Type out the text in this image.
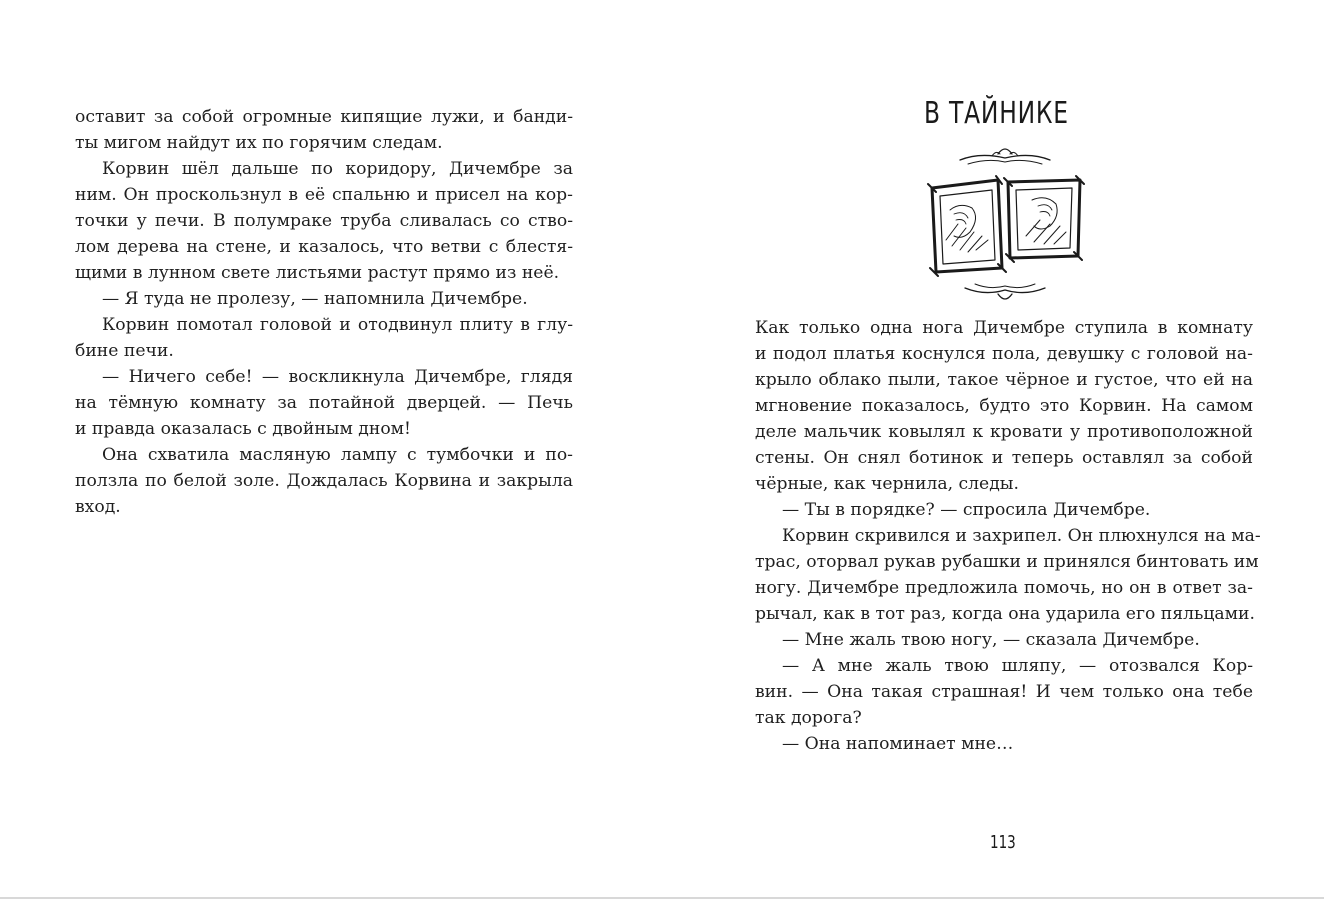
оставит за собой огромные кипящие лужи, и банди-
ты мигом найдут их по горячим следам.
Корвин шёл дальше по коридору, Дичембре за
ним. Он проскользнул в её спальню и присел на кор-
точки у печи. В полумраке труба сливалась со ство-
лом дерева на стене, и казалось, что ветви с блестя-
щими в лунном свете листьями растут прямо из неё.
— Я туда не пролезу, — напомнила Дичембре.
Корвин помотал головой и отодвинул плиту в глу-
бине печи.
— Ничего себе! — воскликнула Дичембре, глядя
на тёмную комнату за потайной дверцей. — Печь
и правда оказалась с двойным дном!
Она схватила масляную лампу с тумбочки и по-
ползла по белой золе. Дождалась Корвина и закрыла
вход.
В ТАЙНИКЕ
Как только одна нога Дичембре ступила в комнату
и подол платья коснулся пола, девушку с головой на-
крыло облако пыли, такое чёрное и густое, что ей на
мгновение показалось, будто это Корвин. На самом
деле мальчик ковылял к кровати у противоположной
стены. Он снял ботинок и теперь оставлял за собой
чёрные, как чернила, следы.
— Ты в порядке? — спросила Дичембре.
Корвин скривился и захрипел. Он плюхнулся на ма-
трас, оторвал рукав рубашки и принялся бинтовать им
ногу. Дичембре предложила помочь, но он в ответ за-
рычал, как в тот раз, когда она ударила его пяльцами.
— Мне жаль твою ногу, — сказала Дичембре.
— А мне жаль твою шляпу, — отозвался Кор-
вин. — Она такая страшная! И чем только она тебе
так дорога?
— Она напоминает мне…
113
